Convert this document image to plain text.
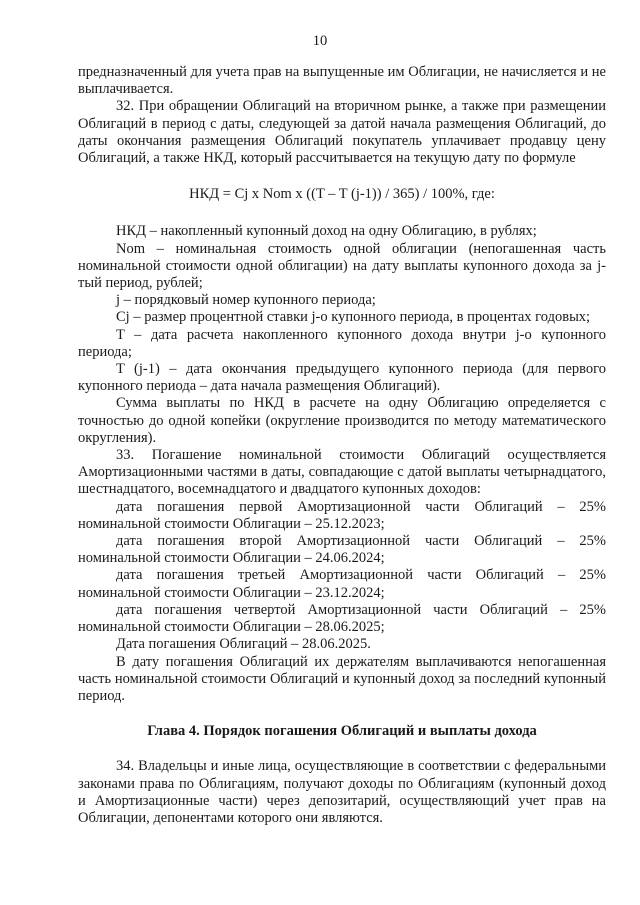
10

предназначенный для учета прав на выпущенные им Облигации, не начисляется и не выплачивается.

32. При обращении Облигаций на вторичном рынке, а также при размещении Облигаций в период с даты, следующей за датой начала размещения Облигаций, до даты окончания размещения Облигаций покупатель уплачивает продавцу цену Облигаций, а также НКД, который рассчитывается на текущую дату по формуле

НКД = Cj x Nom x ((T – T (j-1)) / 365) / 100%, где:

НКД – накопленный купонный доход на одну Облигацию, в рублях;

Nom – номинальная стоимость одной облигации (непогашенная часть номинальной стоимости одной облигации) на дату выплаты купонного дохода за j-тый период, рублей;

j – порядковый номер купонного периода;

Cj – размер процентной ставки j-о купонного периода, в процентах годовых;

T – дата расчета накопленного купонного дохода внутри j-о купонного периода;

T (j-1) – дата окончания предыдущего купонного периода (для первого купонного периода – дата начала размещения Облигаций).

Сумма выплаты по НКД в расчете на одну Облигацию определяется с точностью до одной копейки (округление производится по методу математического округления).

33. Погашение номинальной стоимости Облигаций осуществляется Амортизационными частями в даты, совпадающие с датой выплаты четырнадцатого, шестнадцатого, восемнадцатого и двадцатого купонных доходов:

дата погашения первой Амортизационной части Облигаций – 25% номинальной стоимости Облигации – 25.12.2023;

дата погашения второй Амортизационной части Облигаций – 25% номинальной стоимости Облигации – 24.06.2024;

дата погашения третьей Амортизационной части Облигаций – 25% номинальной стоимости Облигации – 23.12.2024;

дата погашения четвертой Амортизационной части Облигаций – 25% номинальной стоимости Облигации – 28.06.2025;

Дата погашения Облигаций – 28.06.2025.

В дату погашения Облигаций их держателям выплачиваются непогашенная часть номинальной стоимости Облигаций и купонный доход за последний купонный период.

Глава 4. Порядок погашения Облигаций и выплаты дохода

34. Владельцы и иные лица, осуществляющие в соответствии с федеральными законами права по Облигациям, получают доходы по Облигациям (купонный доход и Амортизационные части) через депозитарий, осуществляющий учет прав на Облигации, депонентами которого они являются.
